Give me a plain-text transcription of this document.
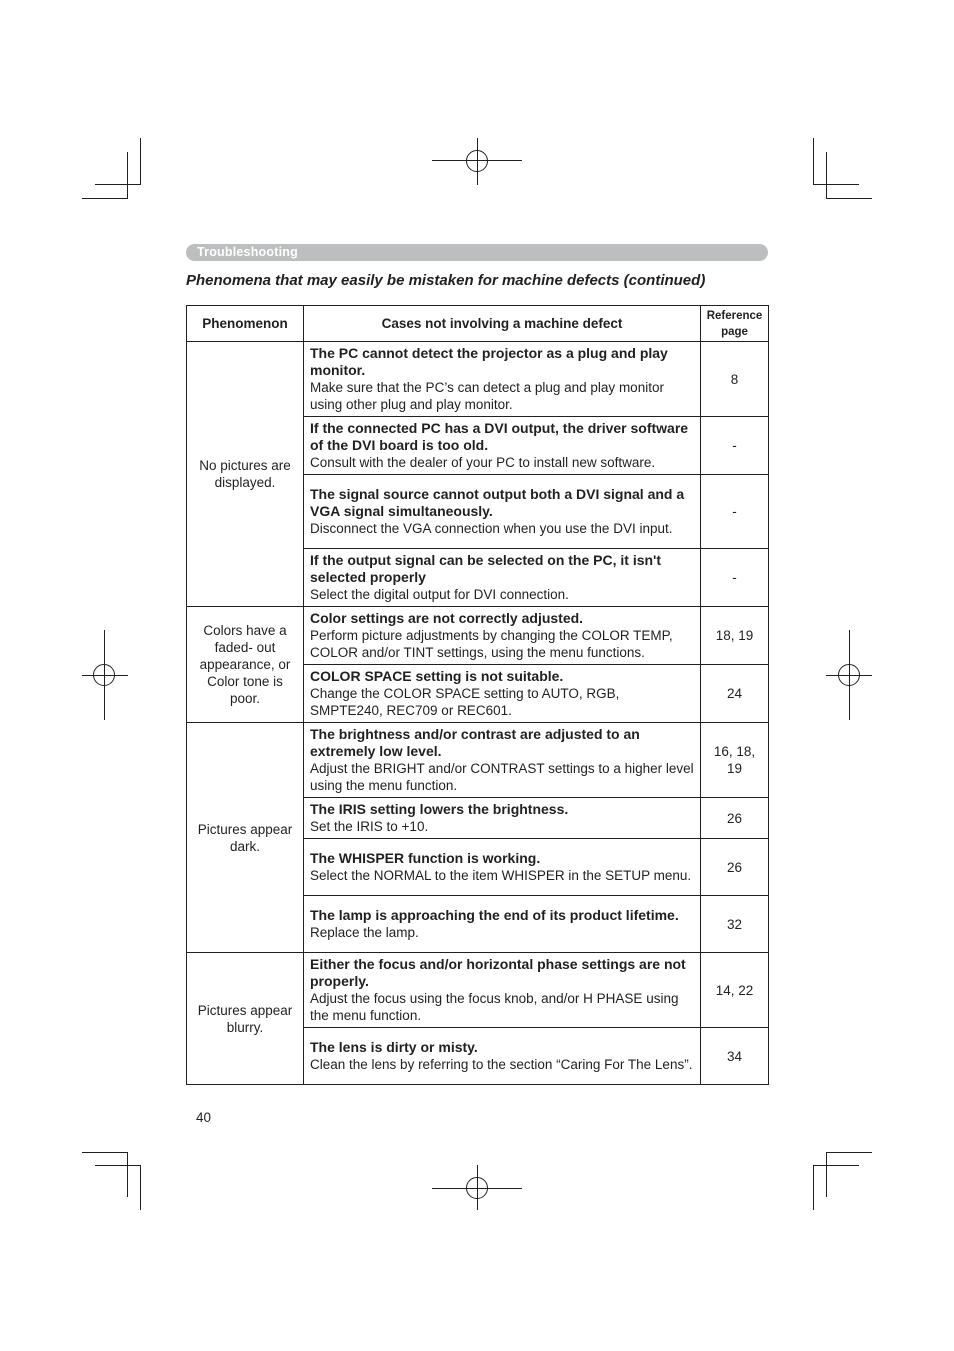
Troubleshooting
Phenomena that may easily be mistaken for machine defects (continued)
Phenomenon	Cases not involving a machine defect	Reference
page
No pictures are displayed.	The PC cannot detect the projector as a plug and play monitor.
Make sure that the PC’s can detect a plug and play monitor using other plug and play monitor.	8

	If the connected PC has a DVI output, the driver software of the DVI board is too old.
Consult with the dealer of your PC to install new software.	-

	The signal source cannot output both a DVI signal and a VGA signal simultaneously.
Disconnect the VGA connection when you use the DVI input.	-

	If the output signal can be selected on the PC, it isn't selected properly
Select the digital output for DVI connection.	-
Colors have a faded- out appearance, or Color tone is poor.	Color settings are not correctly adjusted.
Perform picture adjustments by changing the COLOR TEMP, COLOR and/or TINT settings, using the menu functions.	18, 19

	COLOR SPACE setting is not suitable.
Change the COLOR SPACE setting to AUTO, RGB, SMPTE240, REC709 or REC601.	24
Pictures appear dark.	The brightness and/or contrast are adjusted to an extremely low level.
Adjust the BRIGHT and/or CONTRAST settings to a higher level using the menu function.	16, 18, 19

	The IRIS setting lowers the brightness.
Set the IRIS to +10.	26

	The WHISPER function is working.
Select the NORMAL to the item WHISPER in the SETUP menu.	26

	The lamp is approaching the end of its product lifetime.
Replace the lamp.	32
Pictures appear blurry.	Either the focus and/or horizontal phase settings are not properly.
Adjust the focus using the focus knob, and/or H PHASE using the menu function.	14, 22

	The lens is dirty or misty.
Clean the lens by referring to the section “Caring For The Lens”.	34
40
